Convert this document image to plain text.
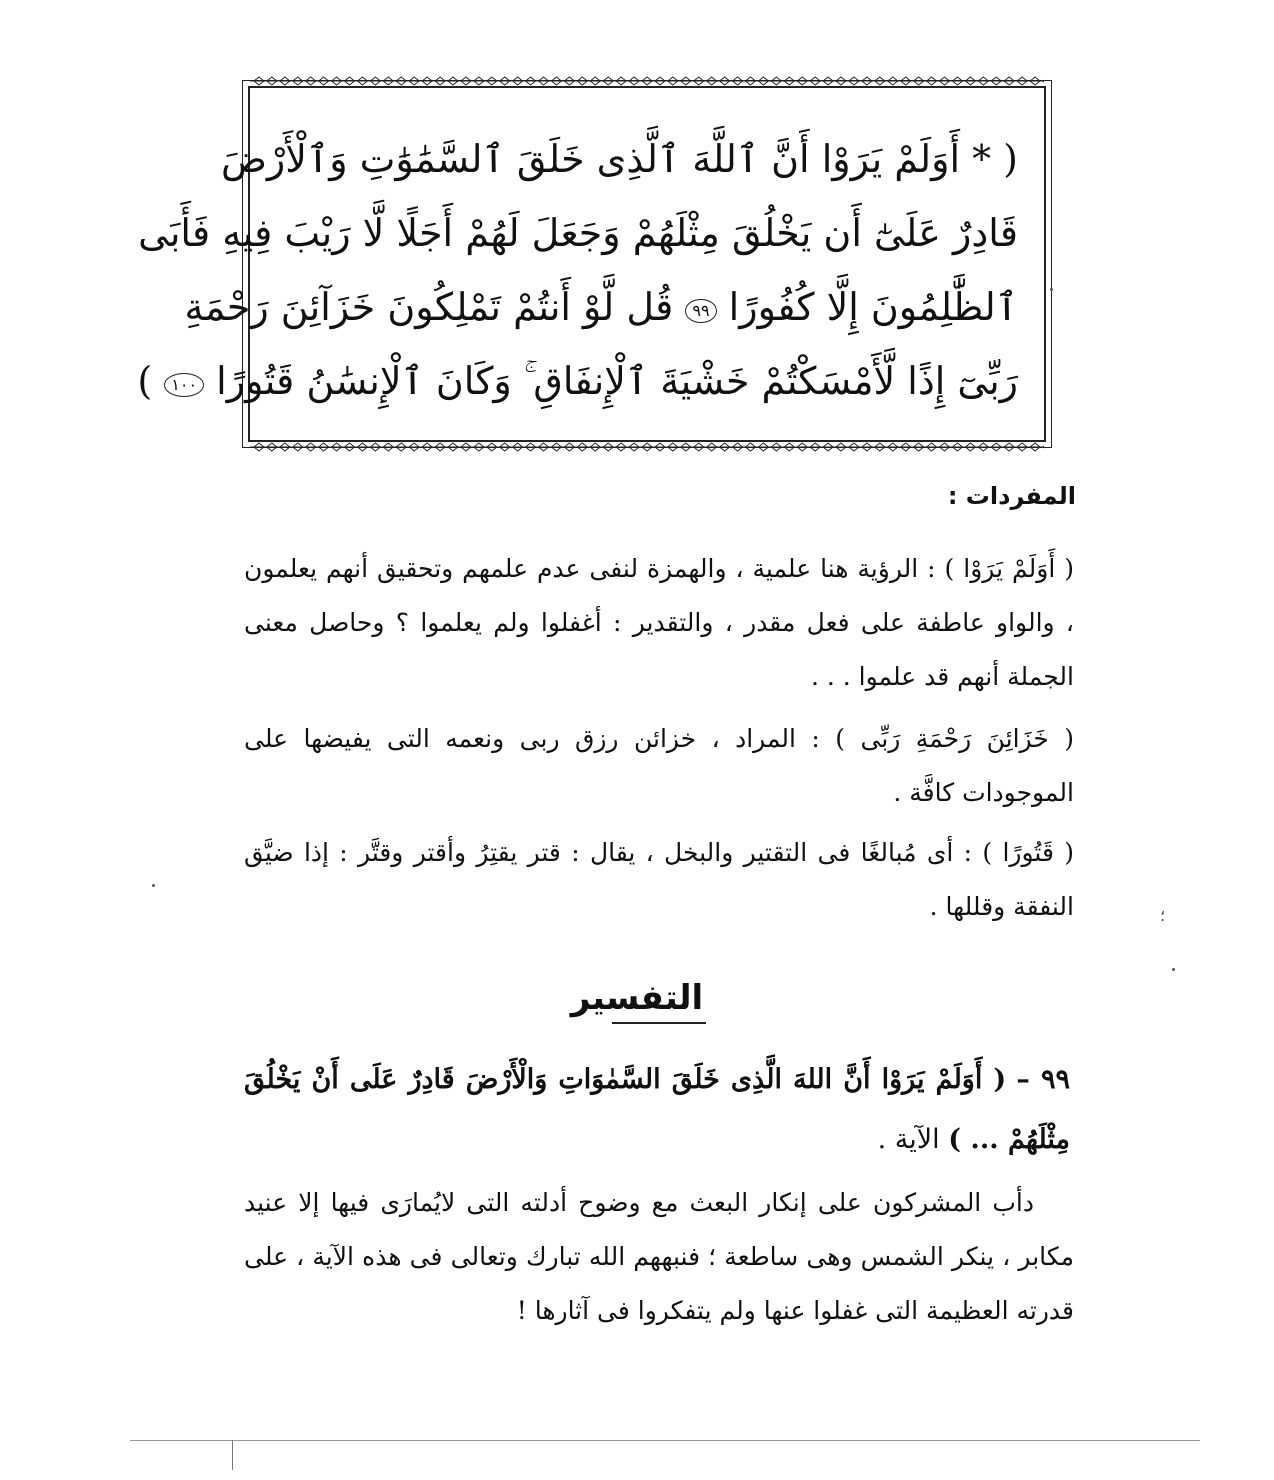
( * أَوَلَمْ يَرَوْا أَنَّ ٱللَّهَ ٱلَّذِى خَلَقَ ٱلسَّمَٰوَٰتِ وَٱلْأَرْضَ
قَادِرٌ عَلَىٰٓ أَن يَخْلُقَ مِثْلَهُمْ وَجَعَلَ لَهُمْ أَجَلًا لَّا رَيْبَ فِيهِ فَأَبَى
ٱلظَّٰلِمُونَ إِلَّا كُفُورًا ٩٩ قُل لَّوْ أَنتُمْ تَمْلِكُونَ خَزَآئِنَ رَحْمَةِ
رَبِّىٓ إِذًا لَّأَمْسَكْتُمْ خَشْيَةَ ٱلْإِنفَاقِ ۚ وَكَانَ ٱلْإِنسَٰنُ قَتُورًا ١٠٠ )
المفردات :
( أَوَلَمْ يَرَوْا ) : الرؤية هنا علمية ، والهمزة لنفى عدم علمهم وتحقيق أنهم يعلمون ، والواو عاطفة على فعل مقدر ، والتقدير : أغفلوا ولم يعلموا ؟ وحاصل معنى الجملة أنهم قد علموا . . .
( خَزَائِنَ رَحْمَةِ رَبِّى ) : المراد ، خزائن رزق ربى ونعمه التى يفيضها على الموجودات كافَّة .
( قَتُورًا ) : أى مُبالغًا فى التقتير والبخل ، يقال : قتر يقتِرُ وأقتر وقتَّر : إذا ضيَّق النفقة وقللها .	؛
التفسير
٩٩ – ( أَوَلَمْ يَرَوْا أَنَّ اللهَ الَّذِى خَلَقَ السَّمٰوَاتِ وَالْأَرْضَ قَادِرٌ عَلَى أَنْ يَخْلُقَ مِثْلَهُمْ ... ) الآية .
دأب المشركون على إنكار البعث مع وضوح أدلته التى لايُمارَى فيها إلا عنيد مكابر ، ينكر الشمس وهى ساطعة ؛ فنبههم الله تبارك وتعالى فى هذه الآية ، على قدرته العظيمة التى غفلوا عنها ولم يتفكروا فى آثارها !
